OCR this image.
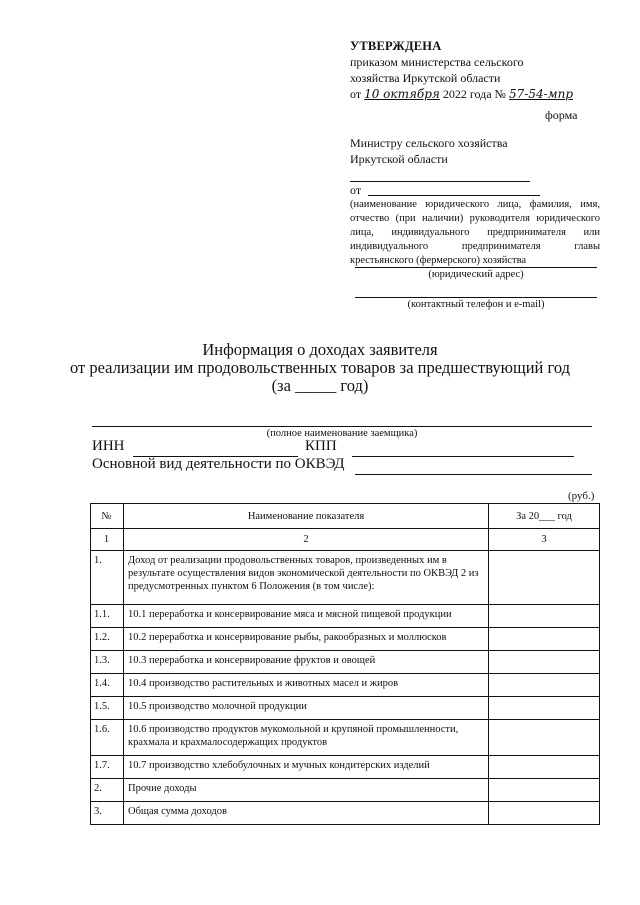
УТВЕРЖДЕНА
приказом министерства сельского
хозяйства Иркутской области
от 10 октября 2022 года № 57-54-мпр
форма
Министру сельского хозяйства
Иркутской области
от
(наименование юридического лица, фамилия, имя, отчество (при наличии) руководителя юридического лица, индивидуального предпринимателя или индивидуального предпринимателя главы крестьянского (фермерского) хозяйства
(юридический адрес)
(контактный телефон и e-mail)
Информация о доходах заявителя
от реализации им продовольственных товаров за предшествующий год
(за _____ год)
(полное наименование заемщика)
ИНН	КПП
Основной вид деятельности по ОКВЭД
(руб.)
№	Наименование показателя	За 20___ год
1	2	3
1.	Доход от реализации продовольственных товаров, произведенных им в результате осуществления видов экономической деятельности по ОКВЭД 2 из предусмотренных пунктом 6 Положения (в том числе):	
1.1.	10.1 переработка и консервирование мяса и мясной пищевой продукции	
1.2.	10.2 переработка и консервирование рыбы, ракообразных и моллюсков	
1.3.	10.3 переработка и консервирование фруктов и овощей	
1.4.	10.4 производство растительных и животных масел и жиров	
1.5.	10.5 производство молочной продукции	
1.6.	10.6 производство продуктов мукомольной и крупяной промышленности, крахмала и крахмалосодержащих продуктов	
1.7.	10.7 производство хлебобулочных и мучных кондитерских изделий	
2.	Прочие доходы	
3.	Общая сумма доходов	
